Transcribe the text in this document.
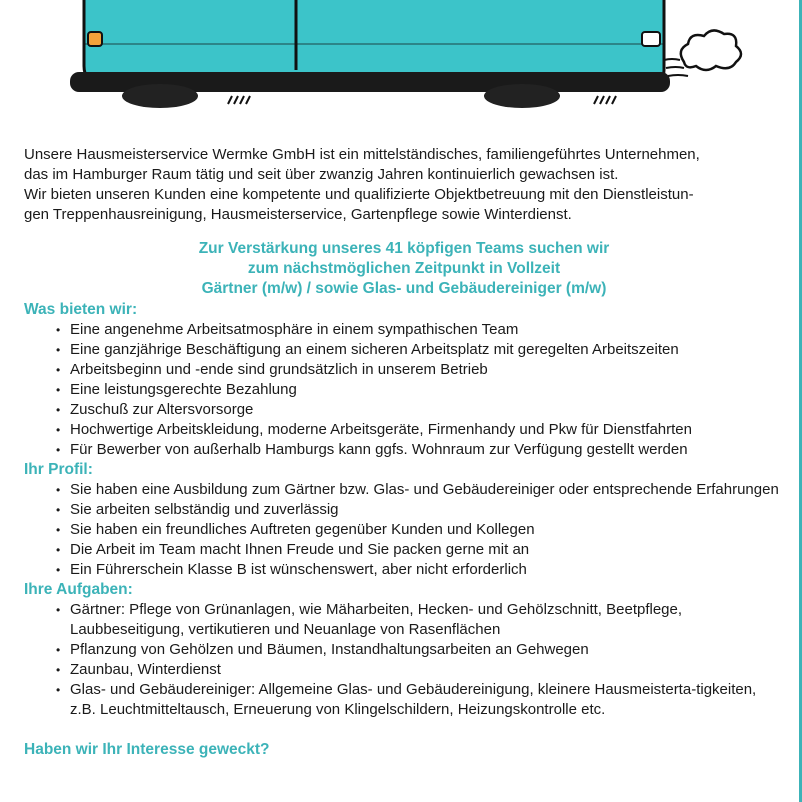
Unsere Hausmeisterservice Wermke GmbH ist ein mittelständisches, familiengeführtes Unternehmen,

das im Hamburger Raum tätig und seit über zwanzig Jahren kontinuierlich gewachsen ist.

Wir bieten unseren Kunden eine kompetente und qualifizierte Objektbetreuung mit den Dienstleistun-

gen Treppenhausreinigung, Hausmeisterservice, Gartenpflege sowie Winterdienst.

Zur Verstärkung unseres 41 köpfigen Teams suchen wir
zum nächstmöglichen Zeitpunkt in Vollzeit
Gärtner (m/w) / sowie Glas- und Gebäudereiniger (m/w)
Was bieten wir:
• Eine angenehme Arbeitsatmosphäre in einem sympathischen Team
• Eine ganzjährige Beschäftigung an einem sicheren Arbeitsplatz mit geregelten Arbeitszeiten
• Arbeitsbeginn und -ende sind grundsätzlich in unserem Betrieb
• Eine leistungsgerechte Bezahlung
• Zuschuß zur Altersvorsorge
• Hochwertige Arbeitskleidung, moderne Arbeitsgeräte, Firmenhandy und Pkw für Dienstfahrten
• Für Bewerber von außerhalb Hamburgs kann ggfs. Wohnraum zur Verfügung gestellt werden
Ihr Profil:
• Sie haben eine Ausbildung zum Gärtner bzw. Glas- und Gebäudereiniger oder entsprechende Erfahrungen
• Sie arbeiten selbständig und zuverlässig
• Sie haben ein freundliches Auftreten gegenüber Kunden und Kollegen
• Die Arbeit im Team macht Ihnen Freude und Sie packen gerne mit an
• Ein Führerschein Klasse B ist wünschenswert, aber nicht erforderlich
Ihre Aufgaben:
• Gärtner: Pflege von Grünanlagen, wie Mäharbeiten, Hecken- und Gehölzschnitt, Beetpflege, Laubbeseitigung, vertikutieren und Neuanlage von Rasenflächen
• Pflanzung von Gehölzen und Bäumen, Instandhaltungsarbeiten an Gehwegen
• Zaunbau, Winterdienst
• Glas- und Gebäudereiniger: Allgemeine Glas- und Gebäudereinigung, kleinere Hausmeisterta-tigkeiten, z.B. Leuchtmitteltausch, Erneuerung von Klingelschildern, Heizungskontrolle etc.
Haben wir Ihr Interesse geweckt?
